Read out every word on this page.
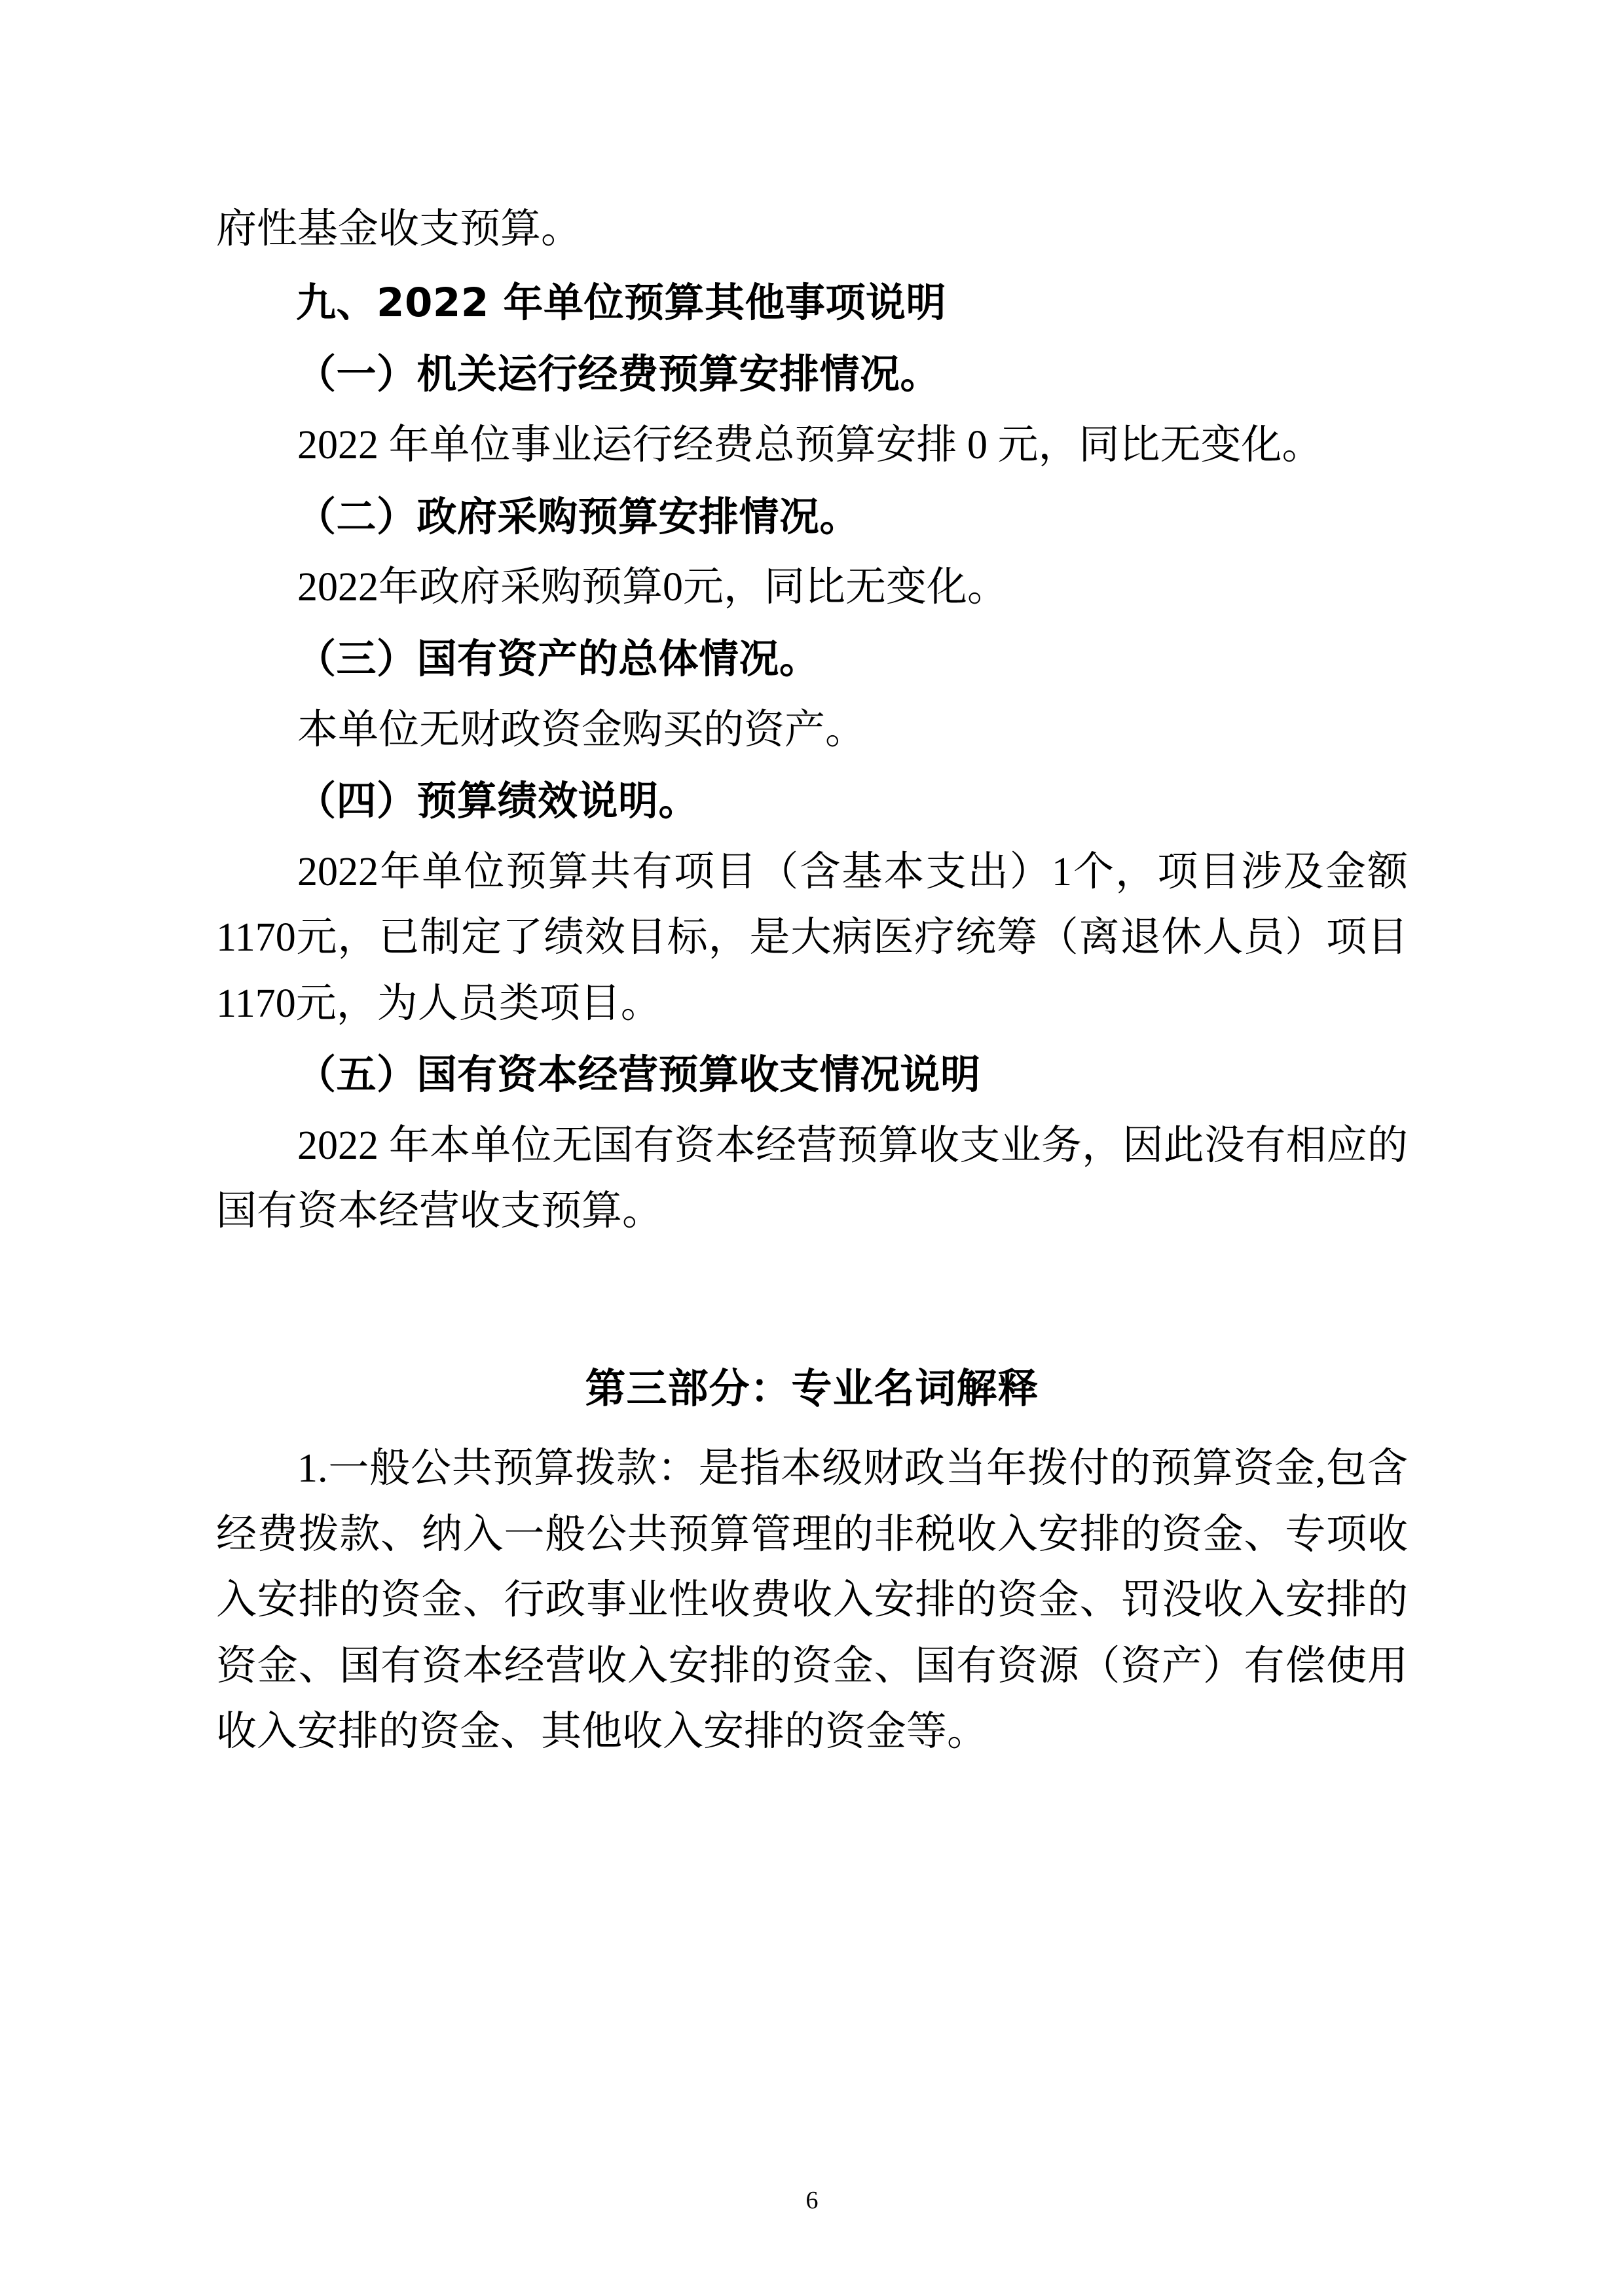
府性基金收支预算。

九、2022 年单位预算其他事项说明

（一）机关运行经费预算安排情况。

2022 年单位事业运行经费总预算安排 0 元，同比无变化。

（二）政府采购预算安排情况。

2022年政府采购预算0元，同比无变化。

（三）国有资产的总体情况。

本单位无财政资金购买的资产。

（四）预算绩效说明。

2022年单位预算共有项目（含基本支出）1个，项目涉及金额1170元，已制定了绩效目标，是大病医疗统筹（离退休人员）项目1170元，为人员类项目。

（五）国有资本经营预算收支情况说明

2022 年本单位无国有资本经营预算收支业务，因此没有相应的国有资本经营收支预算。

第三部分：专业名词解释

1.一般公共预算拨款：是指本级财政当年拨付的预算资金,包含经费拨款、纳入一般公共预算管理的非税收入安排的资金、专项收入安排的资金、行政事业性收费收入安排的资金、罚没收入安排的资金、国有资本经营收入安排的资金、国有资源（资产）有偿使用收入安排的资金、其他收入安排的资金等。

6
